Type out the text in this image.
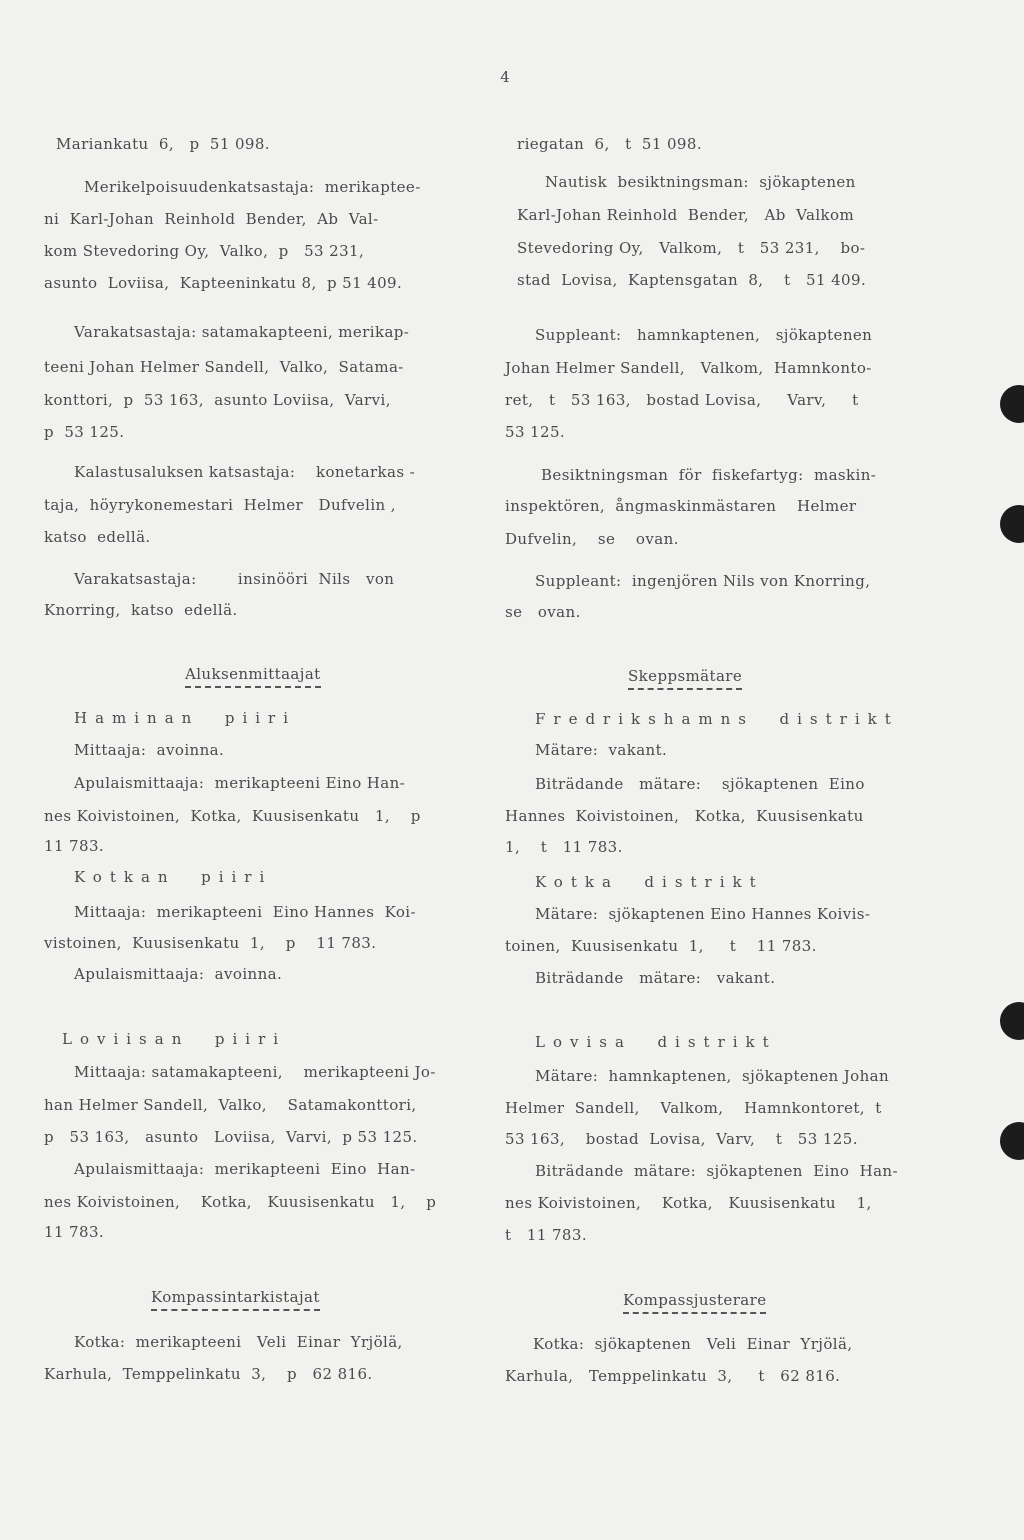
4
Mariankatu  6,   p  51 098.
Merikelpoisuudenkatsastaja:  merikaptee-
ni  Karl-Johan  Reinhold  Bender,  Ab  Val-
kom Stevedoring Oy,  Valko,  p   53 231,
asunto  Loviisa,  Kapteeninkatu 8,  p 51 409.
Varakatsastaja: satamakapteeni, merikap-
teeni Johan Helmer Sandell,  Valko,  Satama-
konttori,  p  53 163,  asunto Loviisa,  Varvi,
p  53 125.
Kalastusaluksen katsastaja:    konetarkas -
taja,  höyrykonemestari  Helmer   Dufvelin ,
katso  edellä.
Varakatsastaja:        insinööri  Nils   von
Knorring,  katso  edellä.
Aluksenmittaajat
Haminan  piiri
Mittaaja:  avoinna.
Apulaismittaaja:  merikapteeni Eino Han-
nes Koivistoinen,  Kotka,  Kuusisenkatu   1,    p
11 783.
Kotkan  piiri
Mittaaja:  merikapteeni  Eino Hannes  Koi-
vistoinen,  Kuusisenkatu  1,    p    11 783.
Apulaismittaaja:  avoinna.
Loviisan  piiri
Mittaaja: satamakapteeni,    merikapteeni Jo-
han Helmer Sandell,  Valko,    Satamakonttori,
p   53 163,   asunto   Loviisa,  Varvi,  p 53 125.
Apulaismittaaja:  merikapteeni  Eino  Han-
nes Koivistoinen,    Kotka,   Kuusisenkatu   1,    p
11 783.
Kompassintarkistajat
Kotka:  merikapteeni   Veli  Einar  Yrjölä,
Karhula,  Temppelinkatu  3,    p   62 816.
riegatan  6,   t  51 098.
Nautisk  besiktningsman:  sjökaptenen
Karl-Johan Reinhold  Bender,   Ab  Valkom
Stevedoring Oy,   Valkom,   t   53 231,    bo-
stad  Lovisa,  Kaptensgatan  8,    t   51 409.
Suppleant:   hamnkaptenen,   sjökaptenen
Johan Helmer Sandell,   Valkom,  Hamnkonto-
ret,   t   53 163,   bostad Lovisa,     Varv,     t
53 125.
Besiktningsman  för  fiskefartyg:  maskin-
inspektören,  ångmaskinmästaren    Helmer
Dufvelin,    se    ovan.
Suppleant:  ingenjören Nils von Knorring,
se   ovan.
Skeppsmätare
Fredrikshamns  distrikt
Mätare:  vakant.
Biträdande   mätare:    sjökaptenen  Eino
Hannes  Koivistoinen,   Kotka,  Kuusisenkatu
1,    t   11 783.
Kotka  distrikt
Mätare:  sjökaptenen Eino Hannes Koivis-
toinen,  Kuusisenkatu  1,     t    11 783.
Biträdande   mätare:   vakant.
Lovisa  distrikt
Mätare:  hamnkaptenen,  sjökaptenen Johan
Helmer  Sandell,    Valkom,    Hamnkontoret,  t
53 163,    bostad  Lovisa,  Varv,    t   53 125.
Biträdande  mätare:  sjökaptenen  Eino  Han-
nes Koivistoinen,    Kotka,   Kuusisenkatu    1,
t   11 783.
Kompassjusterare
Kotka:  sjökaptenen   Veli  Einar  Yrjölä,
Karhula,   Temppelinkatu  3,     t   62 816.
